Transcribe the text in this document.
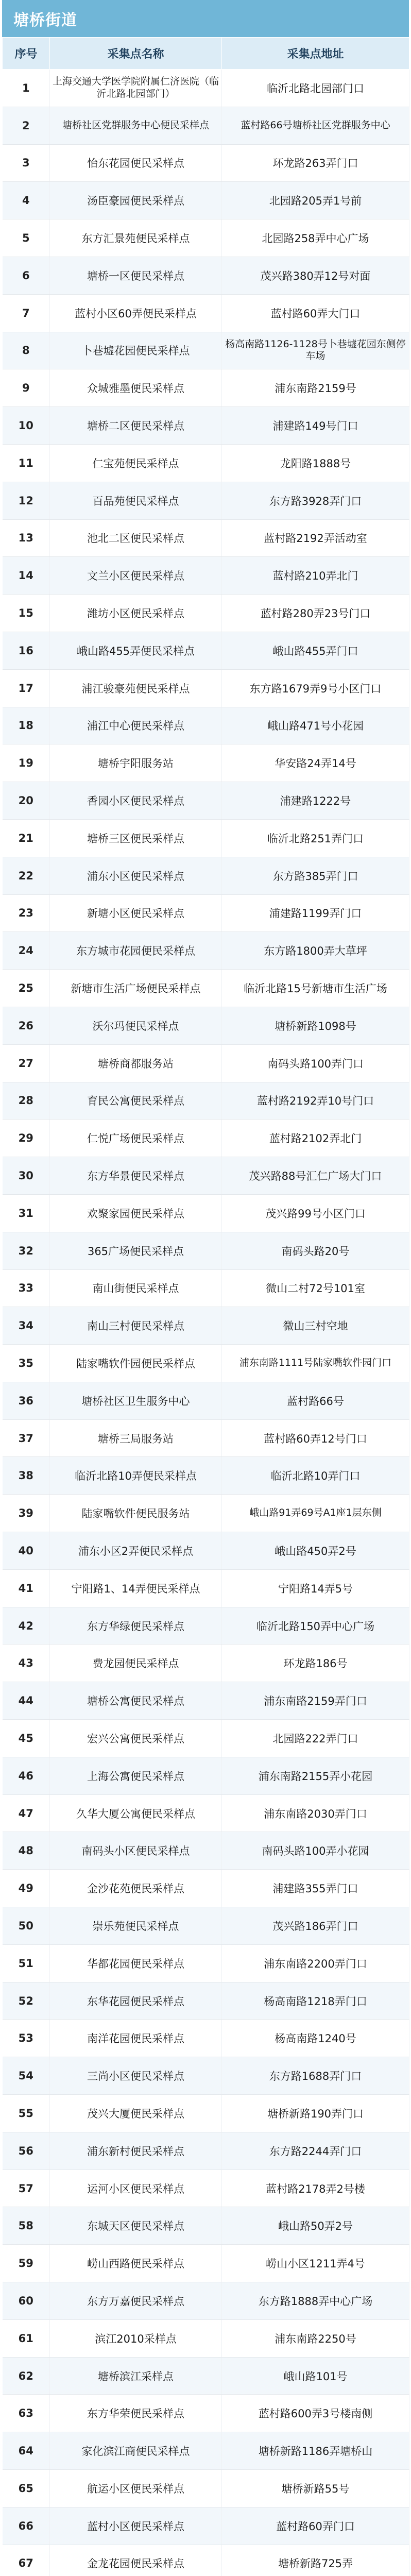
塘桥街道
序号	采集点名称	采集点地址
1	上海交通大学医学院附属仁济医院（临沂北路北园部门）	临沂北路北园部门口
2	塘桥社区党群服务中心便民采样点	蓝村路66号塘桥社区党群服务中心
3	怡东花园便民采样点	环龙路263弄门口
4	汤臣豪园便民采样点	北园路205弄1号前
5	东方汇景苑便民采样点	北园路258弄中心广场
6	塘桥一区便民采样点	茂兴路380弄12号对面
7	蓝村小区60弄便民采样点	蓝村路60弄大门口
8	卜巷墟花园便民采样点	杨高南路1126-1128号卜巷墟花园东侧停车场
9	众城雅墨便民采样点	浦东南路2159号
10	塘桥二区便民采样点	浦建路149号门口
11	仁宝苑便民采样点	龙阳路1888号
12	百品苑便民采样点	东方路3928弄门口
13	池北二区便民采样点	蓝村路2192弄活动室
14	文兰小区便民采样点	蓝村路210弄北门
15	潍坊小区便民采样点	蓝村路280弄23号门口
16	峨山路455弄便民采样点	峨山路455弄门口
17	浦江骏豪苑便民采样点	东方路1679弄9号小区门口
18	浦江中心便民采样点	峨山路471号小花园
19	塘桥宇阳服务站	华安路24弄14号
20	香园小区便民采样点	浦建路1222号
21	塘桥三区便民采样点	临沂北路251弄门口
22	浦东小区便民采样点	东方路385弄门口
23	新塘小区便民采样点	浦建路1199弄门口
24	东方城市花园便民采样点	东方路1800弄大草坪
25	新塘市生活广场便民采样点	临沂北路15号新塘市生活广场
26	沃尔玛便民采样点	塘桥新路1098号
27	塘桥商都服务站	南码头路100弄门口
28	育民公寓便民采样点	蓝村路2192弄10号门口
29	仁悦广场便民采样点	蓝村路2102弄北门
30	东方华景便民采样点	茂兴路88号汇仁广场大门口
31	欢聚家园便民采样点	茂兴路99号小区门口
32	365广场便民采样点	南码头路20号
33	南山街便民采样点	微山二村72号101室
34	南山三村便民采样点	微山三村空地
35	陆家嘴软件园便民采样点	浦东南路1111号陆家嘴软件园门口
36	塘桥社区卫生服务中心	蓝村路66号
37	塘桥三局服务站	蓝村路60弄12号门口
38	临沂北路10弄便民采样点	临沂北路10弄门口
39	陆家嘴软件便民服务站	峨山路91弄69号A1座1层东侧
40	浦东小区2弄便民采样点	峨山路450弄2号
41	宁阳路1、14弄便民采样点	宁阳路14弄5号
42	东方华绿便民采样点	临沂北路150弄中心广场
43	费龙园便民采样点	环龙路186号
44	塘桥公寓便民采样点	浦东南路2159弄门口
45	宏兴公寓便民采样点	北园路222弄门口
46	上海公寓便民采样点	浦东南路2155弄小花园
47	久华大厦公寓便民采样点	浦东南路2030弄门口
48	南码头小区便民采样点	南码头路100弄小花园
49	金沙花苑便民采样点	浦建路355弄门口
50	崇乐苑便民采样点	茂兴路186弄门口
51	华都花园便民采样点	浦东南路2200弄门口
52	东华花园便民采样点	杨高南路1218弄门口
53	南洋花园便民采样点	杨高南路1240号
54	三尚小区便民采样点	东方路1688弄门口
55	茂兴大厦便民采样点	塘桥新路190弄门口
56	浦东新村便民采样点	东方路2244弄门口
57	运河小区便民采样点	蓝村路2178弄2号楼
58	东城天区便民采样点	峨山路50弄2号
59	崂山西路便民采样点	崂山小区1211弄4号
60	东方万嘉便民采样点	东方路1888弄中心广场
61	滨江2010采样点	浦东南路2250号
62	塘桥滨江采样点	峨山路101号
63	东方华荣便民采样点	蓝村路600弄3号楼南侧
64	家化滨江商便民采样点	塘桥新路1186弄塘桥山
65	航运小区便民采样点	塘桥新路55号
66	蓝村小区便民采样点	蓝村路60弄门口
67	金龙花园便民采样点	塘桥新路725弄
